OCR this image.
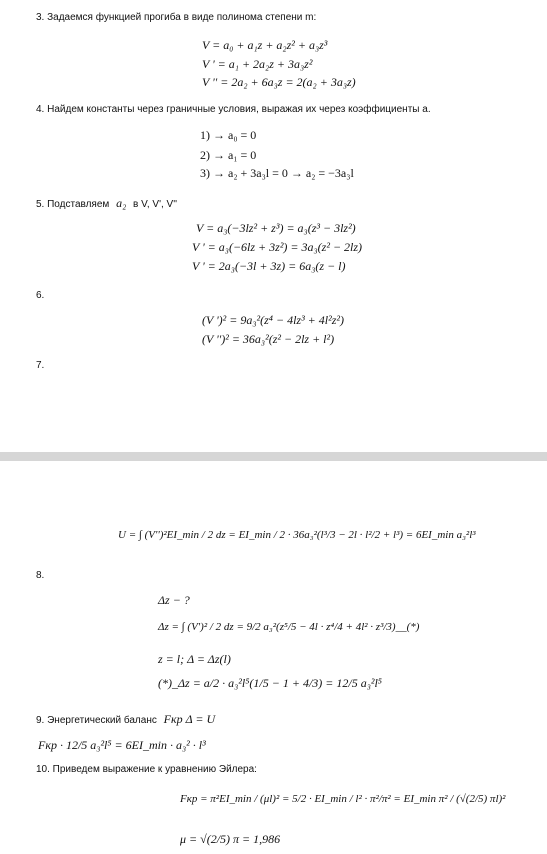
3. Задаемся функцией прогиба в виде полинома степени m:
V = a₀ + a₁z + a₂z² + a₃z³
V ' = a₁ + 2a₂z + 3a₃z²
V '' = 2a₂ + 6a₃z = 2(a₂ + 3a₃z)
4. Найдем константы через граничные условия, выражая их через коэффициенты a.
1) → a₀ = 0
2) → a₁ = 0
3) → a₂ + 3a₃l = 0 → a₂ = −3a₃l
5. Подставляем a₂ в V, V', V''
V = a₃(−3lz² + z³) = a₃(z³ − 3lz²)
V ' = a₃(−6lz + 3z²) = 3a₃(z² − 2lz)
V ' = 2a₃(−3l + 3z) = 6a₃(z − l)
6.
(V ')² = 9a₃²(z⁴ − 4lz³ + 4l²z²)
(V '')² = 36a₃²(z² − 2lz + l²)
7.
U = ∫ (V'')²EI_min / 2 dz = EI_min / 2 · 36a₃²(l³/3 − 2l · l²/2 + l³) = 6EI_min a₃²l³
8.
Δz − ?
Δz = ∫ (V')² / 2 dz = 9/2 a₃²(z⁵/5 − 4l · z⁴/4 + 4l² · z³/3)__(*)
z = l; Δ = Δz(l)
(*)_Δz = a/2 · a₃²l⁵(1/5 − 1 + 4/3) = 12/5 a₃²l⁵
9. Энергетический баланс Fкр Δ = U
Fкр · 12/5 a₃²l⁵ = 6EI_min · a₃² · l³
10. Приведем выражение к уравнению Эйлера:
Fкр = π²EI_min / (μl)² = 5/2 · EI_min / l² · π²/π² = EI_min π² / (√(2/5) πl)²
μ = √(2/5) π = 1,986
